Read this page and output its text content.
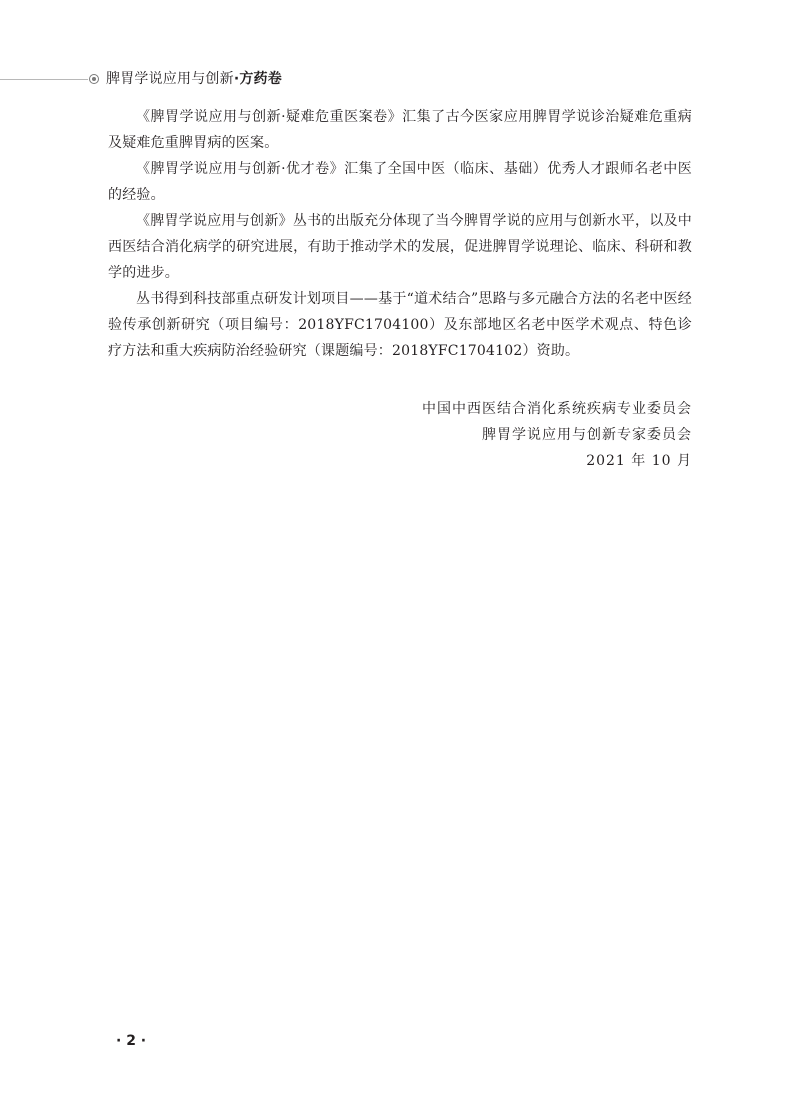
脾胃学说应用与创新·方药卷

《脾胃学说应用与创新·疑难危重医案卷》汇集了古今医家应用脾胃学说诊治疑难危重病及疑难危重脾胃病的医案。

《脾胃学说应用与创新·优才卷》汇集了全国中医（临床、基础）优秀人才跟师名老中医的经验。

《脾胃学说应用与创新》丛书的出版充分体现了当今脾胃学说的应用与创新水平，以及中西医结合消化病学的研究进展，有助于推动学术的发展，促进脾胃学说理论、临床、科研和教学的进步。

丛书得到科技部重点研发计划项目——基于“道术结合”思路与多元融合方法的名老中医经验传承创新研究（项目编号：2018YFC1704100）及东部地区名老中医学术观点、特色诊疗方法和重大疾病防治经验研究（课题编号：2018YFC1704102）资助。

中国中西医结合消化系统疾病专业委员会
脾胃学说应用与创新专家委员会
2021 年 10 月
· 2 ·
